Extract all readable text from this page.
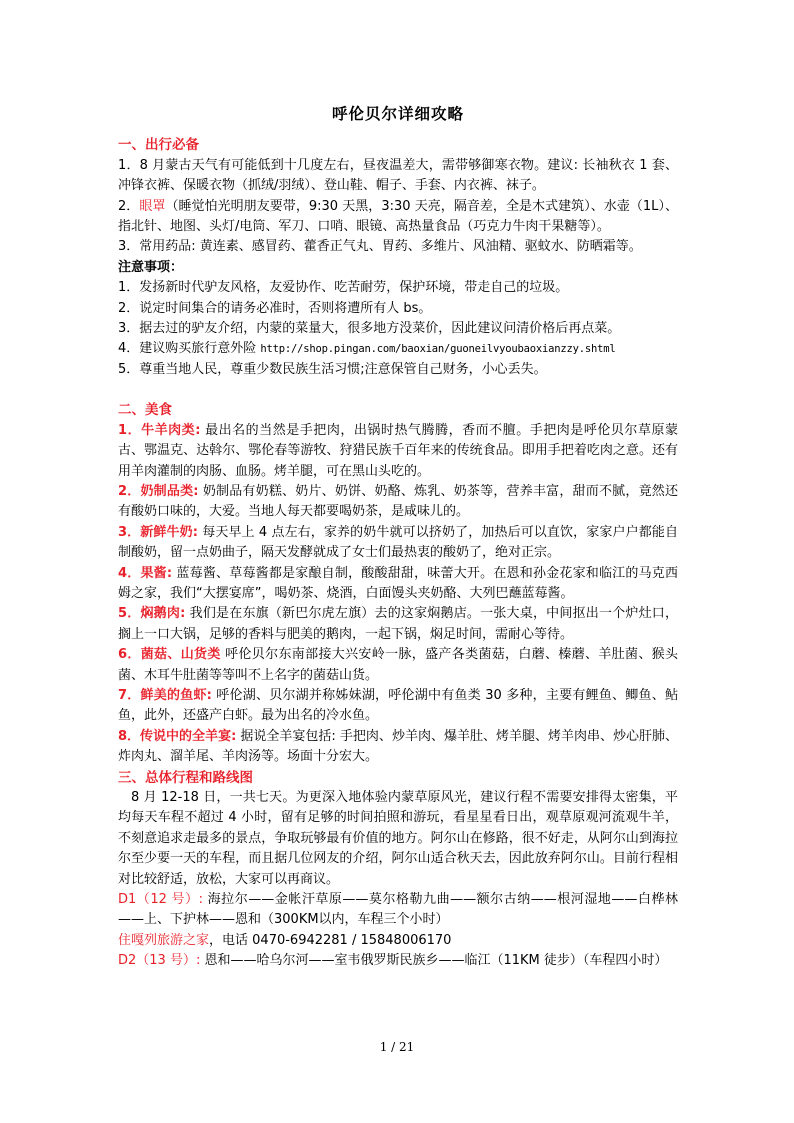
呼伦贝尔详细攻略
一、出行必备

1．8 月蒙古天气有可能低到十几度左右，昼夜温差大，需带够御寒衣物。建议: 长袖秋衣 1 套、冲锋衣裤、保暖衣物（抓绒/羽绒）、登山鞋、帽子、手套、内衣裤、袜子。

2．眼罩（睡觉怕光明朋友要带，9:30 天黑，3:30 天亮，隔音差，全是木式建筑）、水壶（1L）、指北针、地图、头灯/电筒、军刀、口哨、眼镜、高热量食品（巧克力牛肉干果糖等）。

3．常用药品: 黄连素、感冒药、藿香正气丸、胃药、多维片、风油精、驱蚊水、防晒霜等。

注意事项：

1．发扬新时代驴友风格，友爱协作、吃苦耐劳，保护环境，带走自己的垃圾。

2．说定时间集合的请务必准时，否则将遭所有人 bs。

3．据去过的驴友介绍，内蒙的菜量大，很多地方没菜价，因此建议问清价格后再点菜。

4．建议购买旅行意外险 http://shop.pingan.com/baoxian/guoneilvyoubaoxianzzy.shtml

5．尊重当地人民，尊重少数民族生活习惯;注意保管自己财务，小心丢失。

二、美食

1．牛羊肉类: 最出名的当然是手把肉，出锅时热气腾腾，香而不膻。手把肉是呼伦贝尔草原蒙古、鄂温克、达斡尔、鄂伦春等游牧、狩猎民族千百年来的传统食品。即用手把着吃肉之意。还有用羊肉灌制的肉肠、血肠。烤羊腿，可在黑山头吃的。

2．奶制品类: 奶制品有奶糕、奶片、奶饼、奶酪、炼乳、奶茶等，营养丰富，甜而不腻，竟然还有酸奶口味的，大爱。当地人每天都要喝奶茶，是咸味儿的。

3．新鲜牛奶: 每天早上 4 点左右，家养的奶牛就可以挤奶了，加热后可以直饮，家家户户都能自制酸奶，留一点奶曲子，隔天发酵就成了女士们最热衷的酸奶了，绝对正宗。

4．果酱: 蓝莓酱、草莓酱都是家酿自制，酸酸甜甜，味蕾大开。在恩和孙金花家和临江的马克西姆之家，我们“大摆宴席”，喝奶茶、烧酒，白面馒头夹奶酪、大列巴蘸蓝莓酱。

5．焖鹅肉: 我们是在东旗（新巴尔虎左旗）去的这家焖鹅店。一张大桌，中间抠出一个炉灶口，搁上一口大锅，足够的香料与肥美的鹅肉，一起下锅，焖足时间，需耐心等待。

6．菌菇、山货类 呼伦贝尔东南部接大兴安岭一脉，盛产各类菌菇，白蘑、榛蘑、羊肚菌、猴头菌、木耳牛肚菌等等叫不上名字的菌菇山货。

7．鲜美的鱼虾: 呼伦湖、贝尔湖并称姊妹湖，呼伦湖中有鱼类 30 多种，主要有鲤鱼、鲫鱼、鲇鱼，此外，还盛产白虾。最为出名的冷水鱼。

8．传说中的全羊宴: 据说全羊宴包括: 手把肉、炒羊肉、爆羊肚、烤羊腿、烤羊肉串、炒心肝肺、炸肉丸、溜羊尾、羊肉汤等。场面十分宏大。

三、总体行程和路线图

8 月 12-18 日，一共七天。为更深入地体验内蒙草原风光，建议行程不需要安排得太密集，平均每天车程不超过 4 小时，留有足够的时间拍照和游玩，看星星看日出，观草原观河流观牛羊，不刻意追求走最多的景点，争取玩够最有价值的地方。阿尔山在修路，很不好走，从阿尔山到海拉尔至少要一天的车程，而且据几位网友的介绍，阿尔山适合秋天去，因此放弃阿尔山。目前行程相对比较舒适，放松，大家可以再商议。

D1（12 号）: 海拉尔——金帐汗草原——莫尔格勒九曲——额尔古纳——根河湿地——白桦林——上、下护林——恩和（300KM以内，车程三个小时）

住嘎列旅游之家，电话 0470-6942281 / 15848006170

D2（13 号）: 恩和——哈乌尔河——室韦俄罗斯民族乡——临江（11KM 徒步）（车程四小时）

1 / 21
